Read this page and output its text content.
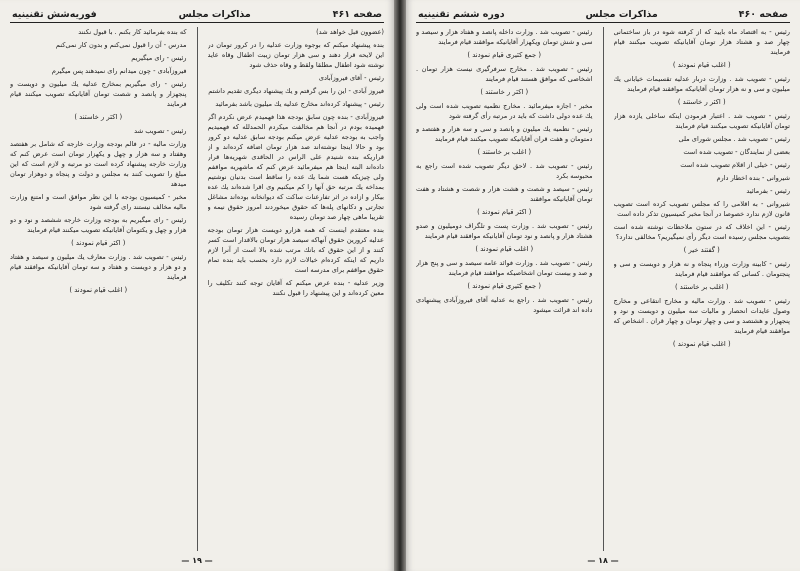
صفحه ۴۶۱
مذاکرات مجلس
فوریه‌شش تقنینیه

(عضوون قبل خواهد شد)

بنده پیشنهاد میکنم که بوجوه وزارت عدلیه را در کرور تومان در این لایحه قرار دهند و سی هزار تومان زیبت اطفال وقاه عاید نوشته شود اطفال مطلقا ولقظ و وقاه حذف شود

رئیس - آقای فیروزآبادی

فیروز آبادی - این را بس گرفتم و یك پیشنهاد دیگری تقدیم داشتم

رئیس - پیشنهاد کرده‌اند مخارج عدلیه یك میلیون باشد بفرمائید

فیروزآبادی - بنده چون سابق بودجه هذا فهمیدم عرض نکردم اگر فهمیده بودم در آنجا هم مخالفت میکردم الحمدلله که فهمیدیم واجب به بودجه عدلیه عرض میکنم بودجه سابق عدلیه دو کرور بود و حالا اینجا نوشته‌اند صد هزار تومان اضافه کرده‌اند و از قراریکه بنده شنیدم علی الراس در الحاقدی شهریه‌ها قرار داده‌اند البته اینجا هم میفرمائید عرض کنم که ماشهریه مواقفم ولی چیزیکه هست شما یك عده را ساقط است بدنیان نوشتیم بمداخه یك مرتبه حق آنها را کم میکنیم وی اقرا شده‌اند یك عده بیکار و ازاده در اثر تفارعنات ساکت که دیوانخانه بوده‌اند مشاغل تجارتی و دکانهای پله‌ها که حقوق میخوردند امروز حقوق نیمه و تقریبا ماهی چهار صد تومان رسیده

بنده معتقدم اینست که همه هزارو دویست هزار تومان بودجه عدلیه کرورین حقوق آنهاكه سیصد هزار تومان بالاقدار است کسر کنند و از این حقوق که بانك مرتب شده بالا است از آنرا لازم داریم که اینکه کرده‌ام خیالات لازم دارد بحسب باید بنده تمام حقوق مواقفم برای مدرسه است

وزیر عدلیه - بنده عرض میکنم که آقایان توجه کنند تکلیف را معین کرده‌اند و این پیشنهاد را قبول نکنند

که بنده بفرمائید کار بکنم . با قبول نکنند

مدرس - آن را قبول نمی‌کنم و بدون کار نمی‌کنم

رئیس - رای میگیریم

فیروزآبادی - چون میدانم رای نمیدهند پس میگیرم

رئیس - رای میگیریم بمخارج عدلیه یك میلیون و دویست و پنجهزار و پانصد و شصت تومان آقایانیکه تصویب میکنند قیام فرمایند

( اکثر ر خاستند )

رئیس - تصویب شد

وزارت مالیه - در فالم بودجه وزارت خارجه که شامل بر هفتصد وهفتاد و سه هزار و چهل و یکهزار تومان است عرض کنم که وزارت خارجه پیشنهاد کرده است دو مرتبه و لازم است که این مبلغ را تصویب کنند به مجلس و دولت و پنجاه و دوهزار تومان میدهد

مخبر - کمیسیون بودجه با این نظر موافق است و امتنع وزارت مالیه مخالف نیستند رای گرفته شود

رئیس - رای میگیریم به بودجه وزارت خارجه ششصد و نود و دو هزار و چهل و یکتومان آقایانیکه تصویب میکنند قیام فرمایند

( اکثر قیام نمودند )

رئیس - تصویب شد . وزارت معارف یك میلیون و سیصد و هفتاد و دو هزار و دویست و هفتاد و سه تومان آقایانیکه موافقند قیام فرمایند

( اغلب قیام نمودند )
— ۱۹ —
صفحه ۴۶۰
مذاکرات مجلس
دوره ششم تقنینیه

رئیس - به اقتصاد ماه بایید که از کرفته شوه در باز ساختمانی چهار صد و هشتاد هزار تومان آقایانیکه تصویب میکنند قیام فرمایند

( اغلب قیام نمودند )

رئیس - تصویب شد . وزارت دربار عدلیه تقسیمات خیابانی یك میلیون و سی و نه هزار تومان آقایانیکه موافقند قیام فرمایند

( اکثر ر خاستند )

رئیس - تصویب شد . اعتبار فرمودن اینکه ساخلی یازده هزار تومان آقایانیکه تصویب میکنند قیام فرمایند

رئیس - تصویب شد . مجلس شورای ملی

بعضی از نمایندگان - تصویب شده است

رئیس - خیلی از اقلام تصویب شده است

شیروانی - بنده اخطار دارم

رئیس - بفرمائید

شیروانی - به اقلامی را که مجلس تصویب کرده است تصویب قانون لازم ندارد خصوصا در آنجا مخبر کمیسیون تذکر داده است

رئیس - این اخلاف که در ستون ملاحظات نوشته شده است بتصویب مجلس رسیده است دیگر رأی نمیگیریم؟ مخالفی ندارد؟

( گفتند خیر )

رئیس - کابینه وزارت وزراء پنجاه و نه هزار و دویست و سی و پنجتومان . کسانی که موافقند قیام فرمایند

( اغلب بر خاستند )

رئیس - تصویب شد . وزارت مالیه و مخارج انتقاعی و مخارج وصول عایدات انحصار و مالیات سه میلیون و دویست و نود و پنجهزار و هشتصد و سی و چهار تومان و چهار قران . اشخاص که موافقند قیام فرمایند

( اغلب قیام نمودند )

رئیس - تصویب شد . وزارت داخله پانصد و هفتاد هزار و سیصد و سی و شش تومان ویکهزار آقایانیکه موافقند قیام فرمایند

( جمع کثیری قیام نمودند )

رئیس - تصویب شد . مخارج سرفرگیری نیست هزار تومان . اشخاصی که موافق هستند قیام فرمایند

( اکثر ر خاستند )

مخبر - اجازه میفرمائید . مخارج نظمیه تصویب شده است ولی یك عده دولی داشت که باید در مرتبه رأی گرفته شود

رئیس - نظمیه یك میلیون و پانصد و سی و سه هزار و هفتصد و دمتومان و هفت قران آقایانیکه تصویب میکنند قیام فرمایند

( اغلب بر خاستند )

رئیس - تصویب شد . لاحق دیگر تصویب شده است راجع به محبوسه بکرد

رئیس - سیصد و شصت و هشت هزار و شصت و هشتاد و هفت تومان آقایانیکه موافقند

( اکثر قیام نمودند )

رئیس - تصویب شد . وزارت پست و تلگراف دومیلیون و صدو هشتاد هزار و پانصد و نود تومان آقایانیکه موافقند قیام فرمایند

( اغلب قیام نمودند )

رئیس - تصویب شد . وزارت فوائد عامه سیصد و سی و پنج هزار و صد و بیست تومان اشخاصیکه موافقند قیام فرمایند

( جمع کثیری قیام نمودند )

رئیس - تصویب شد . راجع به عدلیه آقای فیروزآبادی پیشنهادی داده اند قرائت میشود

— ۱۸ —
